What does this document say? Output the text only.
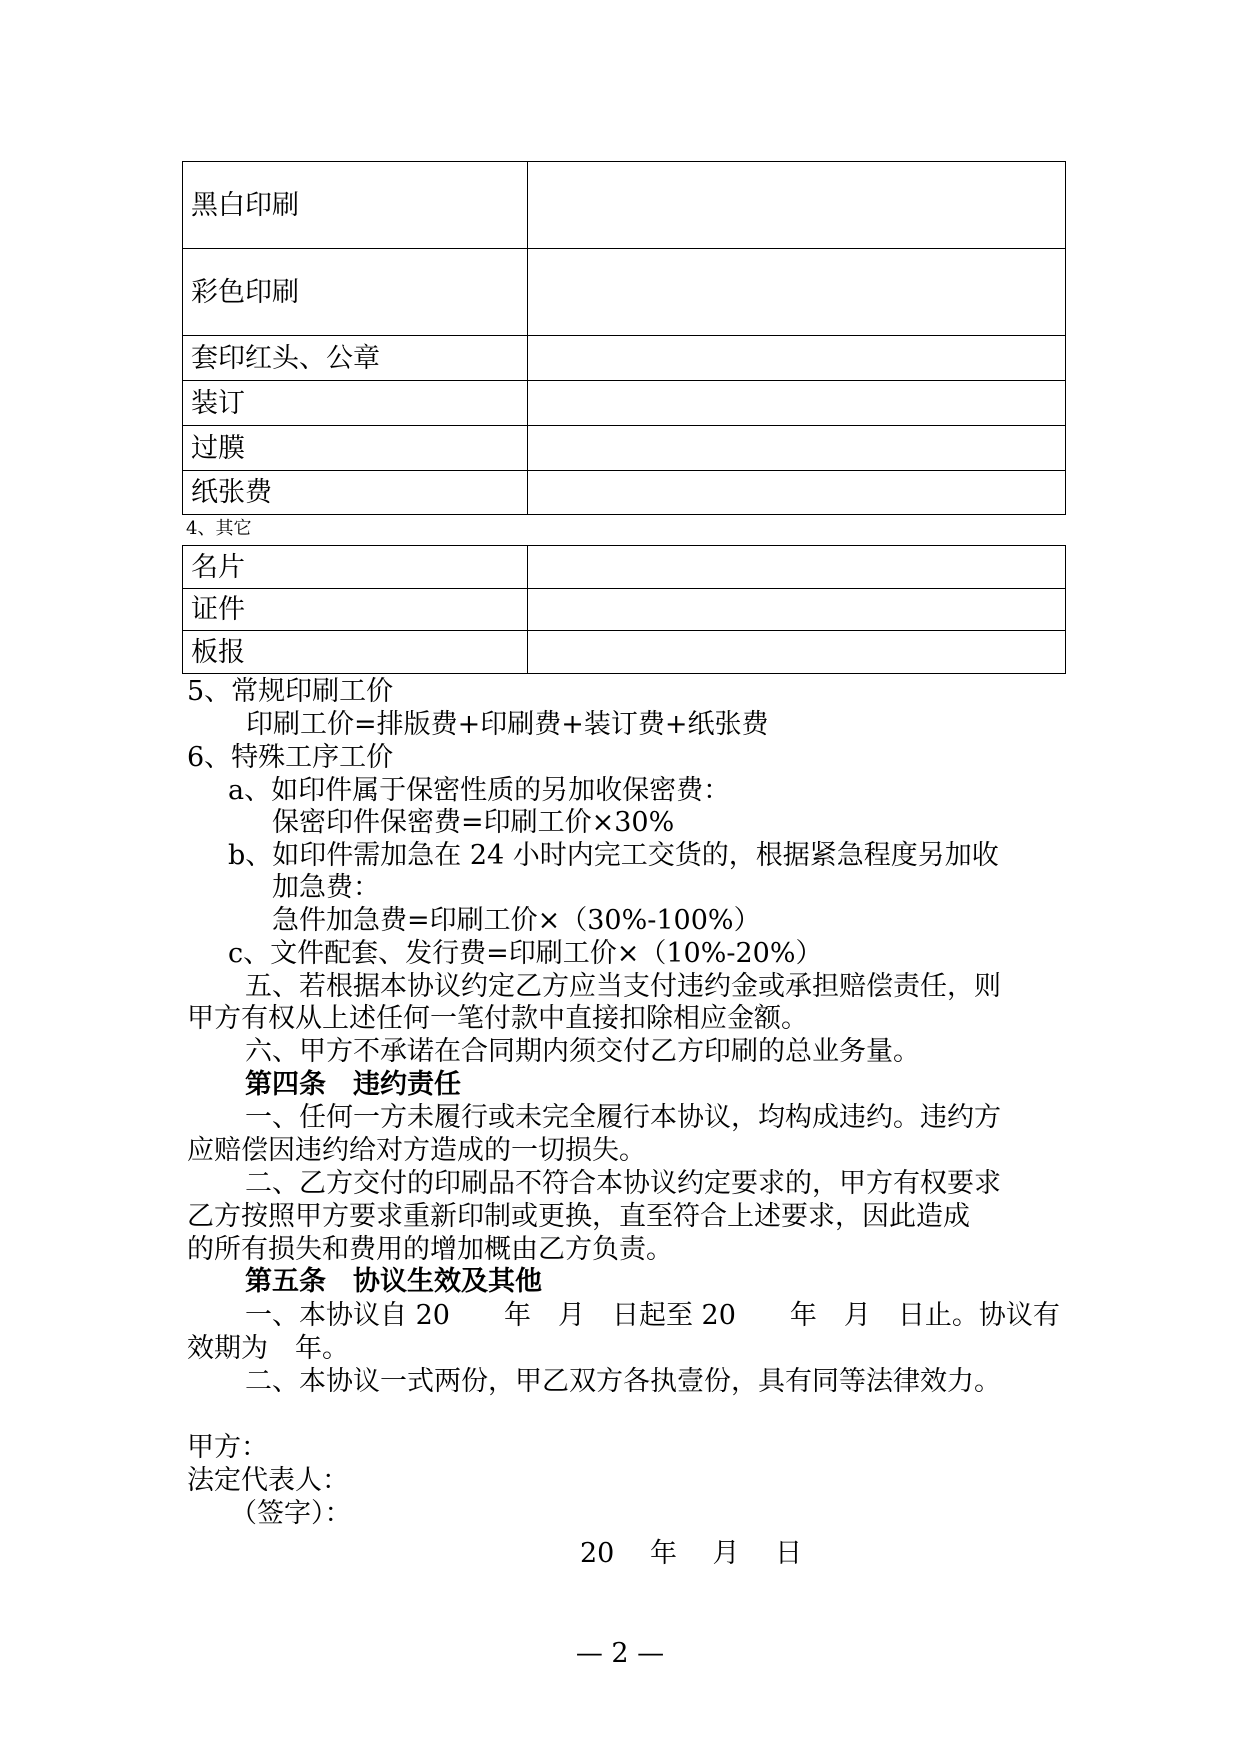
黑白印刷	
彩色印刷	
套印红头、公章	
装订	
过膜	
纸张费	
4、其它
名片	
证件	
板报	
5、常规印刷工价
印刷工价=排版费+印刷费+装订费+纸张费
6、特殊工序工价
a、如印件属于保密性质的另加收保密费：
保密印件保密费=印刷工价×30%
b、如印件需加急在 24 小时内完工交货的，根据紧急程度另加收
加急费：
急件加急费=印刷工价×（30%-100%）
c、文件配套、发行费=印刷工价×（10%-20%）
五、若根据本协议约定乙方应当支付违约金或承担赔偿责任，则
甲方有权从上述任何一笔付款中直接扣除相应金额。
六、甲方不承诺在合同期内须交付乙方印刷的总业务量。
第四条　违约责任
一、任何一方未履行或未完全履行本协议，均构成违约。违约方
应赔偿因违约给对方造成的一切损失。
二、乙方交付的印刷品不符合本协议约定要求的，甲方有权要求
乙方按照甲方要求重新印制或更换，直至符合上述要求，因此造成
的所有损失和费用的增加概由乙方负责。
第五条　协议生效及其他
一、本协议自 20　　年　月　日起至 20　　年　月　日止。协议有
效期为　年。
二、本协议一式两份，甲乙双方各执壹份，具有同等法律效力。
甲方：
法定代表人：
（签字）：
20　 年　 月　 日
— 2 —
